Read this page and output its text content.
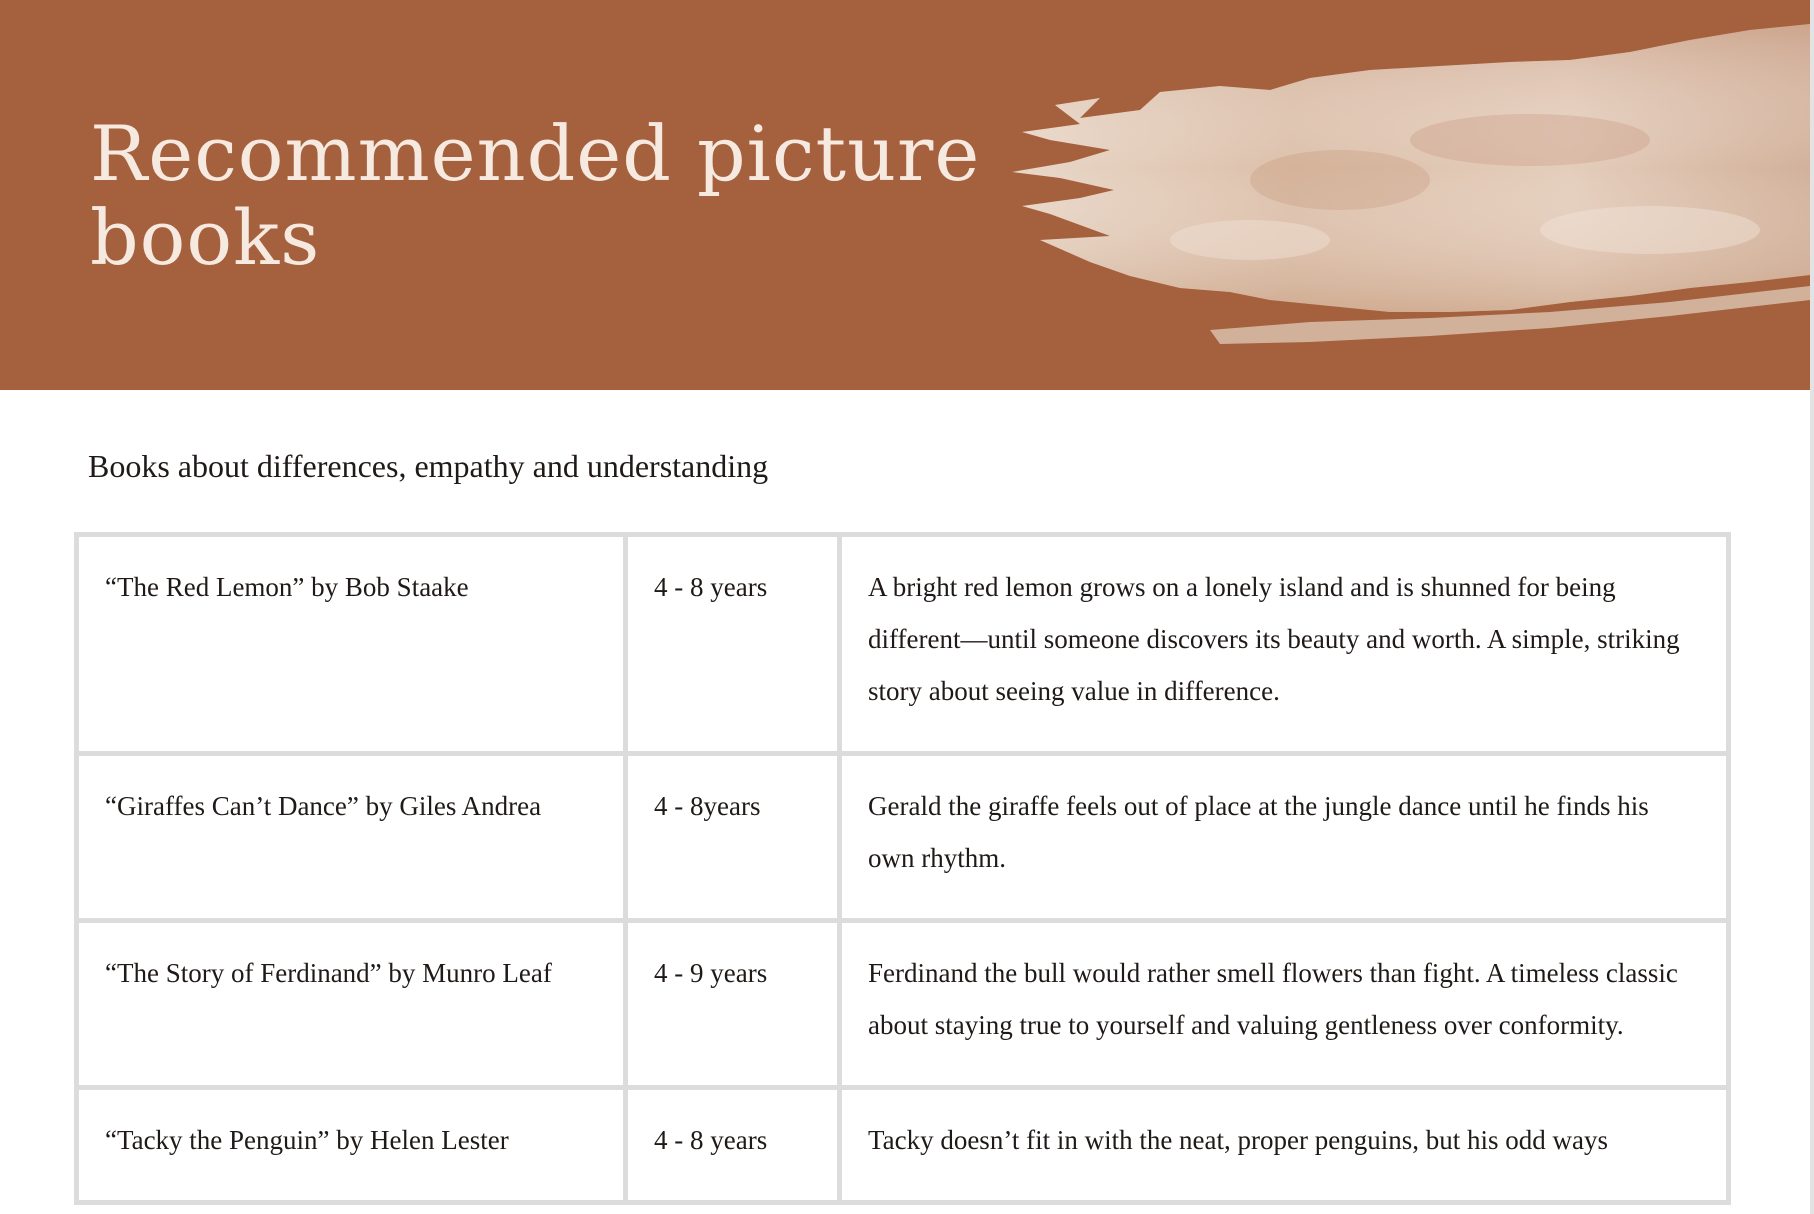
Recommended picture books
Books about differences, empathy and understanding
“The Red Lemon” by Bob Staake	4 - 8 years	A bright red lemon grows on a lonely island and is shunned for being different—until someone discovers its beauty and worth. A simple, striking story about seeing value in difference.
“Giraffes Can’t Dance” by Giles Andrea	4 - 8years	Gerald the giraffe feels out of place at the jungle dance until he finds his own rhythm.
“The Story of Ferdinand” by Munro Leaf	4 - 9 years	Ferdinand the bull would rather smell flowers than fight. A timeless classic about staying true to yourself and valuing gentleness over conformity.
“Tacky the Penguin” by Helen Lester	4 - 8 years	Tacky doesn’t fit in with the neat, proper penguins, but his odd ways
